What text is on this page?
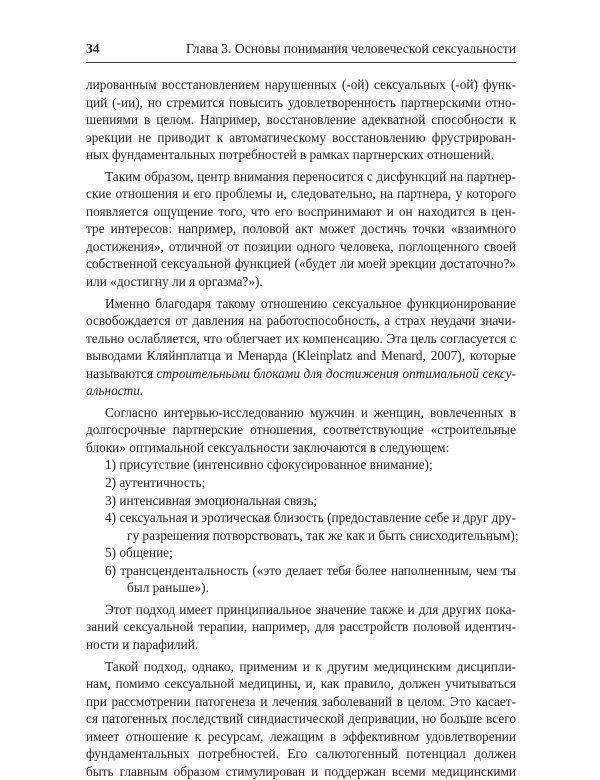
34	Глава 3. Основы понимания человеческой сексуальности
лированным восстановлением нарушенных (-ой) сексуальных (-ой) функ-
ций (-ии), но стремится повысить удовлетворенность партнерскими отно-
шениями в целом. Например, восстановление адекватной способности к
эрекции не приводит к автоматическому восстановлению фрустрирован-
ных фундаментальных потребностей в рамках партнерских отношений.
Таким образом, центр внимания переносится с дисфункций на партнер-
ские отношения и его проблемы и, следовательно, на партнера, у которого
появляется ощущение того, что его воспринимают и он находится в цен-
тре интересов: например, половой акт может достичь точки «взаимного
достижения», отличной от позиции одного человека, поглощенного своей
собственной сексуальной функцией («будет ли моей эрекции достаточно?»
или «достигну ли я оргазма?»).
Именно благодаря такому отношению сексуальное функционирование
освобождается от давления на работоспособность, а страх неудачи значи-
тельно ослабляется, что облегчает их компенсацию. Эта цель согласуется с
выводами Кляйнплатца и Менарда (Kleinplatz and Menard, 2007), которые
называются строительными блоками для достижения оптимальной сексу-
альности.
Согласно интервью-исследованию мужчин и женщин, вовлеченных в
долгосрочные партнерские отношения, соответствующие «строительные
блоки» оптимальной сексуальности заключаются в следующем:
1) присутствие (интенсивно сфокусированное внимание);
2) аутентичность;
3) интенсивная эмоциональная связь;
4) сексуальная и эротическая близость (предоставление себе и друг дру-
гу разрешения потворствовать, так же как и быть снисходительным);
5) общение;
6) трансцендентальность («это делает тебя более наполненным, чем ты
был раньше»).
Этот подход имеет принципиальное значение также и для других пока-
заний сексуальной терапии, например, для расстройств половой идентич-
ности и парафилий.
Такой подход, однако, применим и к другим медицинским дисципли-
нам, помимо сексуальной медицины, и, как правило, должен учитываться
при рассмотрении патогенеза и лечения заболеваний в целом. Это касает-
ся патогенных последствий синдиастической депривации, но больше всего
имеет отношение к ресурсам, лежащим в эффективном удовлетворении
фундаментальных потребностей. Его салютогенный потенциал должен
быть главным образом стимулирован и поддержан всеми медицинскими
